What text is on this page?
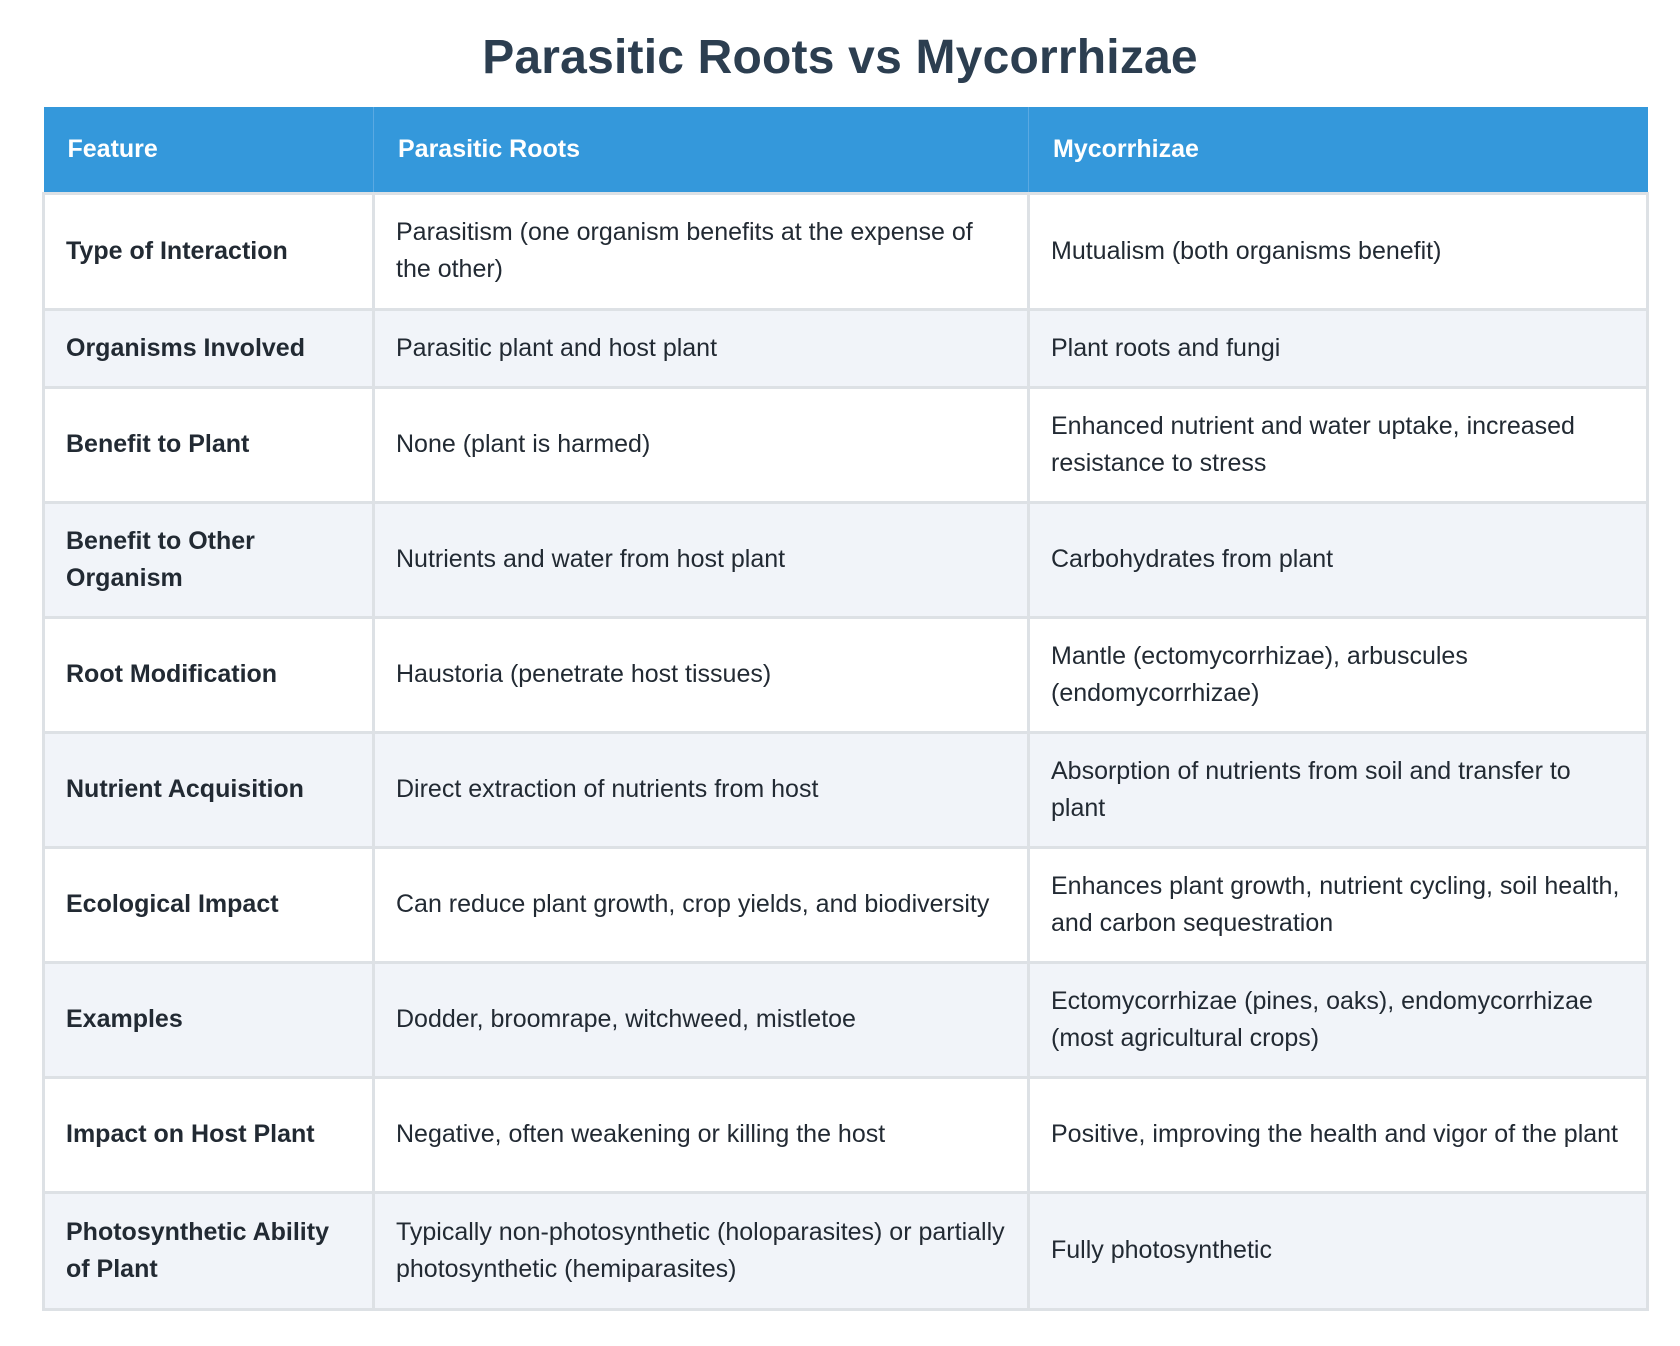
Parasitic Roots vs Mycorrhizae
Feature	Parasitic Roots	Mycorrhizae
Type of Interaction	Parasitism (one organism benefits at the expense of the other)	Mutualism (both organisms benefit)
Organisms Involved	Parasitic plant and host plant	Plant roots and fungi
Benefit to Plant	None (plant is harmed)	Enhanced nutrient and water uptake, increased resistance to stress
Benefit to Other Organism	Nutrients and water from host plant	Carbohydrates from plant
Root Modification	Haustoria (penetrate host tissues)	Mantle (ectomycorrhizae), arbuscules (endomycorrhizae)
Nutrient Acquisition	Direct extraction of nutrients from host	Absorption of nutrients from soil and transfer to plant
Ecological Impact	Can reduce plant growth, crop yields, and biodiversity	Enhances plant growth, nutrient cycling, soil health, and carbon sequestration
Examples	Dodder, broomrape, witchweed, mistletoe	Ectomycorrhizae (pines, oaks), endomycorrhizae (most agricultural crops)
Impact on Host Plant	Negative, often weakening or killing the host	Positive, improving the health and vigor of the plant
Photosynthetic Ability of Plant	Typically non-photosynthetic (holoparasites) or partially photosynthetic (hemiparasites)	Fully photosynthetic
